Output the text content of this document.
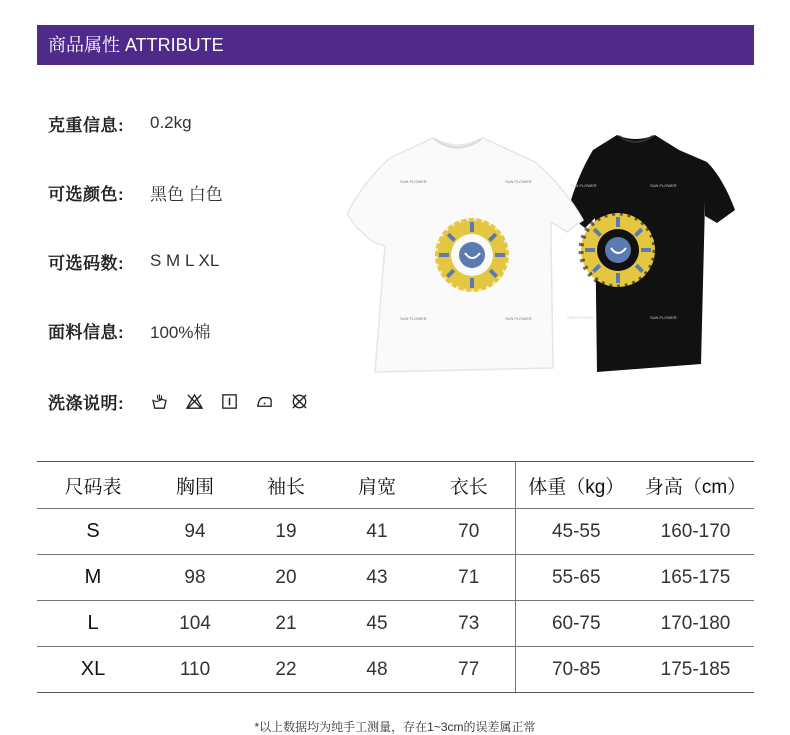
商品属性 ATTRIBUTE
克重信息:	0.2kg
可选颜色:	黑色 白色
可选码数:	S M L XL
面料信息:	100%棉
洗涤说明:
SUN FLOWER	SUN FLOWER
SUN FLOWER	SUN FLOWER
SUN FLOWER	SUN FLOWER
SUN FLOWER	SUN FLOWER
尺码表	胸围	袖长	肩宽	衣长	体重（kg）	身高（cm）
S	94	19	41	70	45-55	160-170
M	98	20	43	71	55-65	165-175
L	104	21	45	73	60-75	170-180
XL	110	22	48	77	70-85	175-185
*以上数据均为纯手工测量，存在1~3cm的误差属正常
